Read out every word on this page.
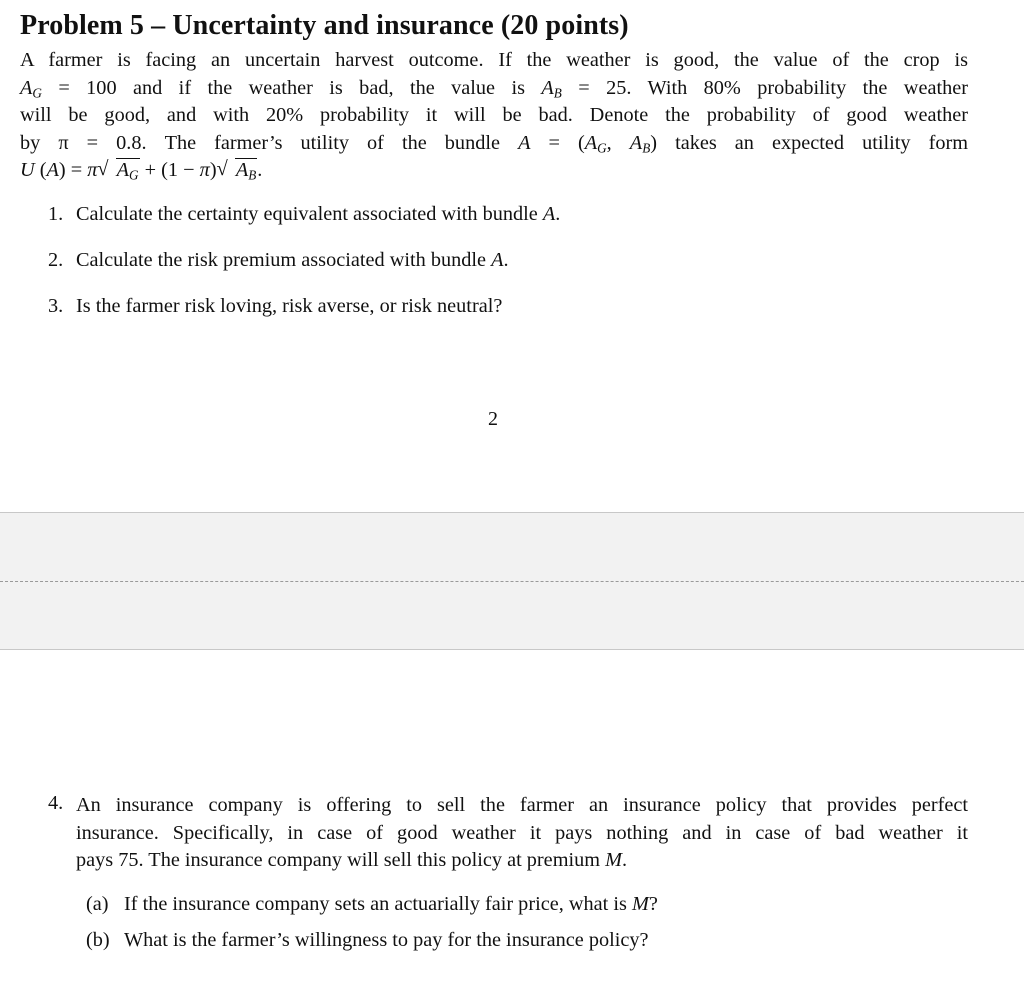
Problem 5 – Uncertainty and insurance (20 points)
A farmer is facing an uncertain harvest outcome. If the weather is good, the value of the crop is
$A_G = 100$ and if the weather is bad, the value is $A_B = 25$. With 80% probability the weather
will be good, and with 20% probability it will be bad. Denote the probability of good weather
by π = 0.8. The farmer’s utility of the bundle $A = (A_G$, $A_B$) takes an expected utility form
U (A) = π√ $A_G + (1 - \pi)√$ $A_B$.
1. Calculate the certainty equivalent associated with bundle A.
2. Calculate the risk premium associated with bundle A.
3. Is the farmer risk loving, risk averse, or risk neutral?
2
4. An insurance company is offering to sell the farmer an insurance policy that provides perfect
insurance. Specifically, in case of good weather it pays nothing and in case of bad weather it
pays 75. The insurance company will sell this policy at premium M.
(a) If the insurance company sets an actuarially fair price, what is M?
(b) What is the farmer’s willingness to pay for the insurance policy?
